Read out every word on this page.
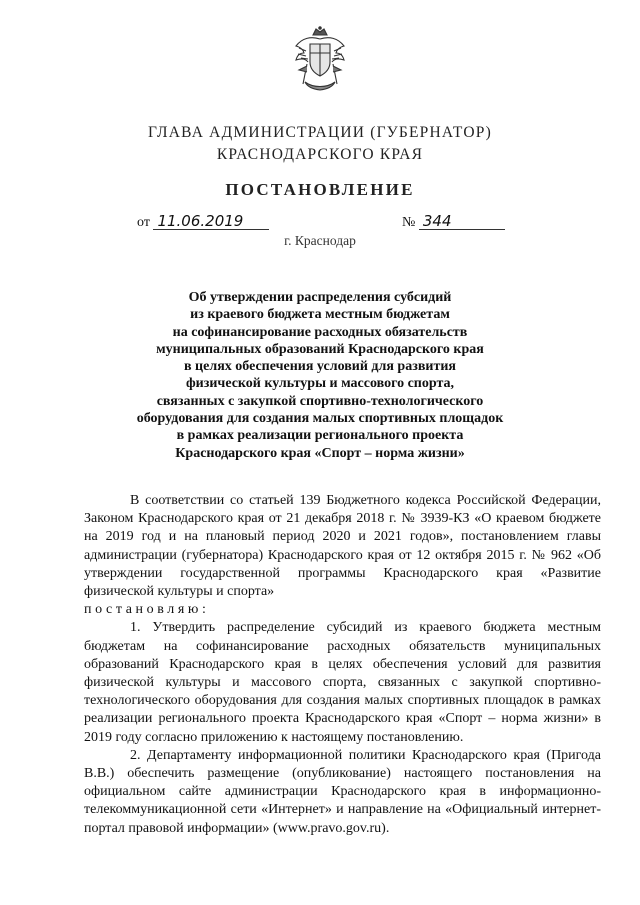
ГЛАВА АДМИНИСТРАЦИИ (ГУБЕРНАТОР)
КРАСНОДАРСКОГО КРАЯ
ПОСТАНОВЛЕНИЕ
от 11.06.2019	№ 344
г. Краснодар
Об утверждении распределения субсидий
из краевого бюджета местным бюджетам
на софинансирование расходных обязательств
муниципальных образований Краснодарского края
в целях обеспечения условий для развития
физической культуры и массового спорта,
связанных с закупкой спортивно-технологического
оборудования для создания малых спортивных площадок
в рамках реализации регионального проекта
Краснодарского края «Спорт – норма жизни»

В соответствии со статьей 139 Бюджетного кодекса Российской Федерации, Законом Краснодарского края от 21 декабря 2018 г. № 3939-КЗ «О краевом бюджете на 2019 год и на плановый период 2020 и 2021 годов», постановлением главы администрации (губернатора) Краснодарского края от 12 октября 2015 г. № 962 «Об утверждении государственной программы Краснодарского края «Развитие физической культуры и спорта»

постановляю:

1. Утвердить распределение субсидий из краевого бюджета местным бюджетам на софинансирование расходных обязательств муниципальных образований Краснодарского края в целях обеспечения условий для развития физической культуры и массового спорта, связанных с закупкой спортивно-технологического оборудования для создания малых спортивных площадок в рамках реализации регионального проекта Краснодарского края «Спорт – норма жизни» в 2019 году согласно приложению к настоящему постановлению.

2. Департаменту информационной политики Краснодарского края (Пригода В.В.) обеспечить размещение (опубликование) настоящего постановления на официальном сайте администрации Краснодарского края в информационно-телекоммуникационной сети «Интернет» и направление на «Официальный интернет-портал правовой информации» (www.pravo.gov.ru).
